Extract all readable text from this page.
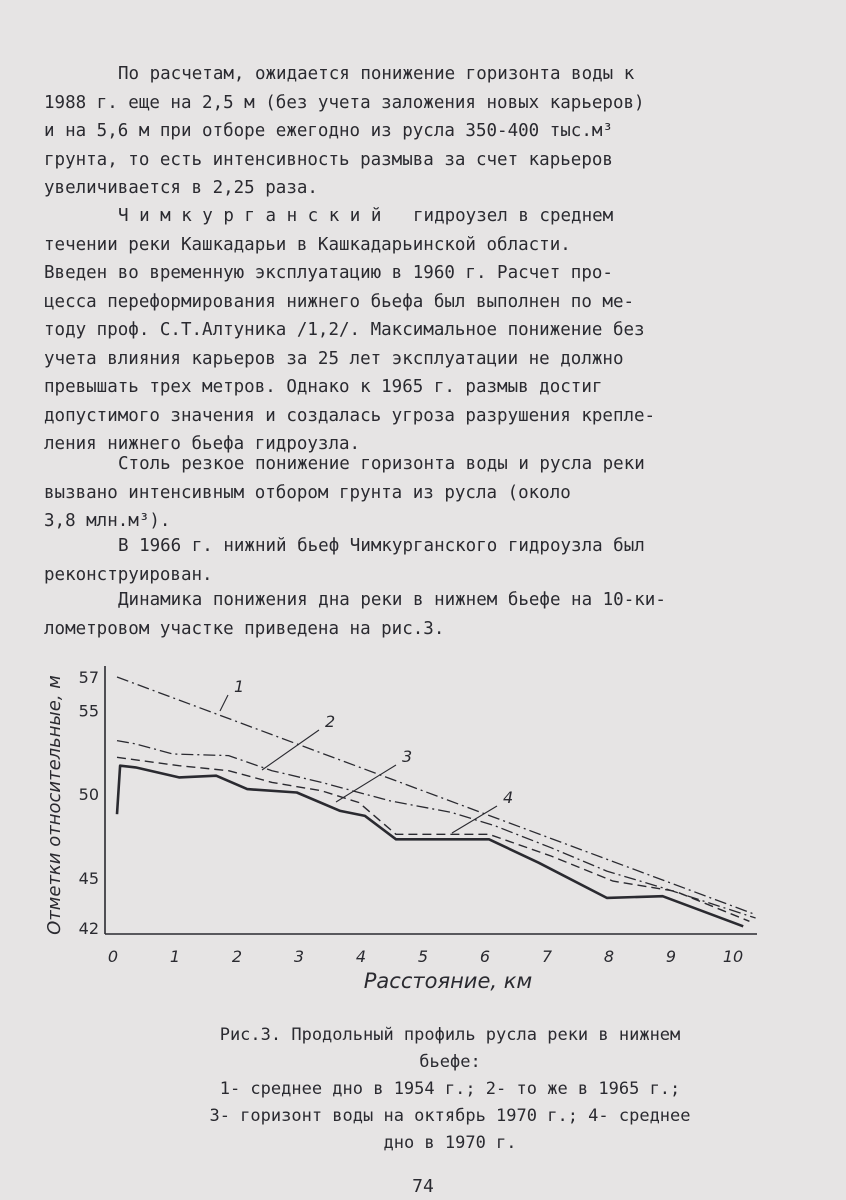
По расчетам, ожидается понижение горизонта воды к
1988 г. еще на 2,5 м (без учета заложения новых карьеров)
и на 5,6 м при отборе ежегодно из русла 350-400 тыс.м³
грунта, то есть интенсивность размыва за счет карьеров
увеличивается в 2,25 раза.

Ч и м к у р г а н с к и й   гидроузел в среднем
течении реки Кашкадарьи в Кашкадарьинской области.
Введен во временную эксплуатацию в 1960 г. Расчет про-
цесса переформирования нижнего бьефа был выполнен по ме-
тоду проф. С.Т.Алтуника /1,2/. Максимальное понижение без
учета влияния карьеров за 25 лет эксплуатации не должно
превышать трех метров. Однако к 1965 г. размыв достиг
допустимого значения и создалась угроза разрушения крепле-
ления нижнего бьефа гидроузла.

Столь резкое понижение горизонта воды и русла реки
вызвано интенсивным отбором грунта из русла (около
3,8 млн.м³).

В 1966 г. нижний бьеф Чимкурганского гидроузла был
реконструирован.

Динамика понижения дна реки в нижнем бьефе на 10-ки-
лометровом участке приведена на рис.3.

1
2
3
4
0	1	2	3	4	5	6	7	8	9	10
57
55
50
45
42
Отметки относительные, м
Расстояние, км
Рис.3. Продольный профиль русла реки в нижнем
бьефе:
1- среднее дно в 1954 г.; 2- то же в 1965 г.;
3- горизонт воды на октябрь 1970 г.; 4- среднее
дно в 1970 г.
74
